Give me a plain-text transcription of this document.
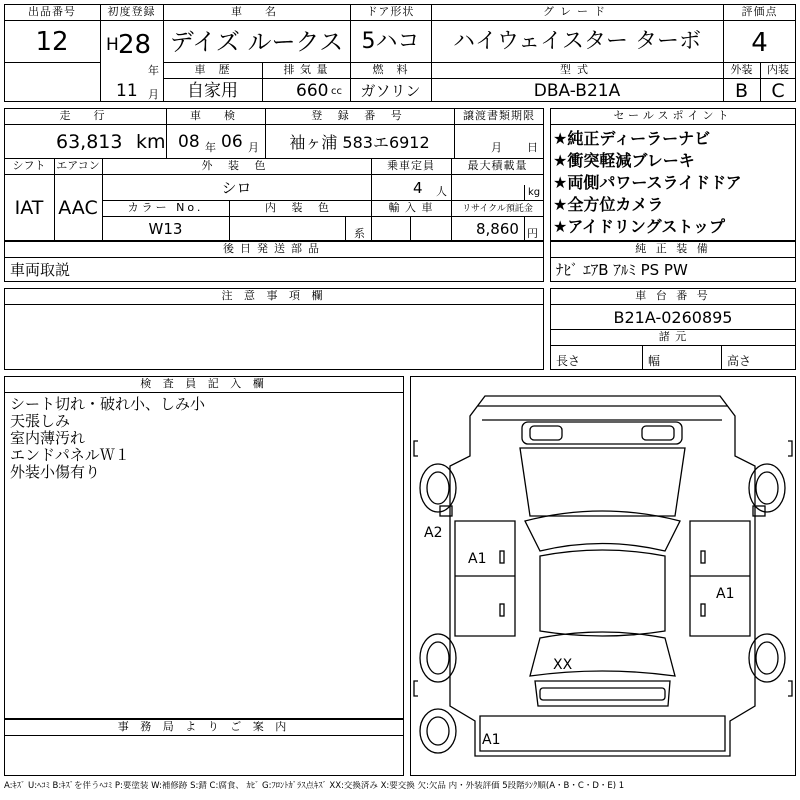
出品番号
12
初度登録
H 28
年
11 月
車　名
デイズ ルークス
ドア形状
5ハコ
グレード
ハイウェイスター ターボ
評価点
4
車　歴
自家用
排 気 量
660 cc
燃　料
ガソリン
型式
DBA-B21A
外装	内装
B	C
走　行
63,813 km
車　検
08 年 06 月
登 録 番 号
袖ヶ浦 583エ6912
譲渡書類期限
月 日
シフト
IAT
エアコン
AAC
外 装 色
シロ
乗車定員
4 人
最大積載量
kg
カラー No.
W13
内 装 色
系
輸 入 車	リサイクル預託金
8,860 円
セールスポイント
★純正ディーラーナビ
★衝突軽減ブレーキ
★両側パワースライドドア
★全方位カメラ
★アイドリングストップ
後日発送部品
車両取説
純 正 装 備
ﾅﾋﾞ ｴｱB ｱﾙﾐ PS PW
注 意 事 項 欄	車 台 番 号
B21A-0260895
諸 元
長さ	幅	高さ
検 査 員 記 入 欄
シート切れ・破れ小、しみ小
天張しみ
室内薄汚れ
エンドパネルＷ１
外装小傷有り
事 務 局 よ り ご 案 内
A2
A1
A1
XX
A1
A:ｷｽﾞ U:ﾍｺﾐ B:ｷｽﾞを伴うﾍｺﾐ P:要塗装 W:補修跡 S:錆 C:腐食、 ｶﾋﾞ G:ﾌﾛﾝﾄｶﾞﾗｽ点ｷｽﾞ XX:交換済み X:要交換 欠:欠品 内・外装評価 5段階ﾗﾝｸ順(A・B・C・D・E) 1
